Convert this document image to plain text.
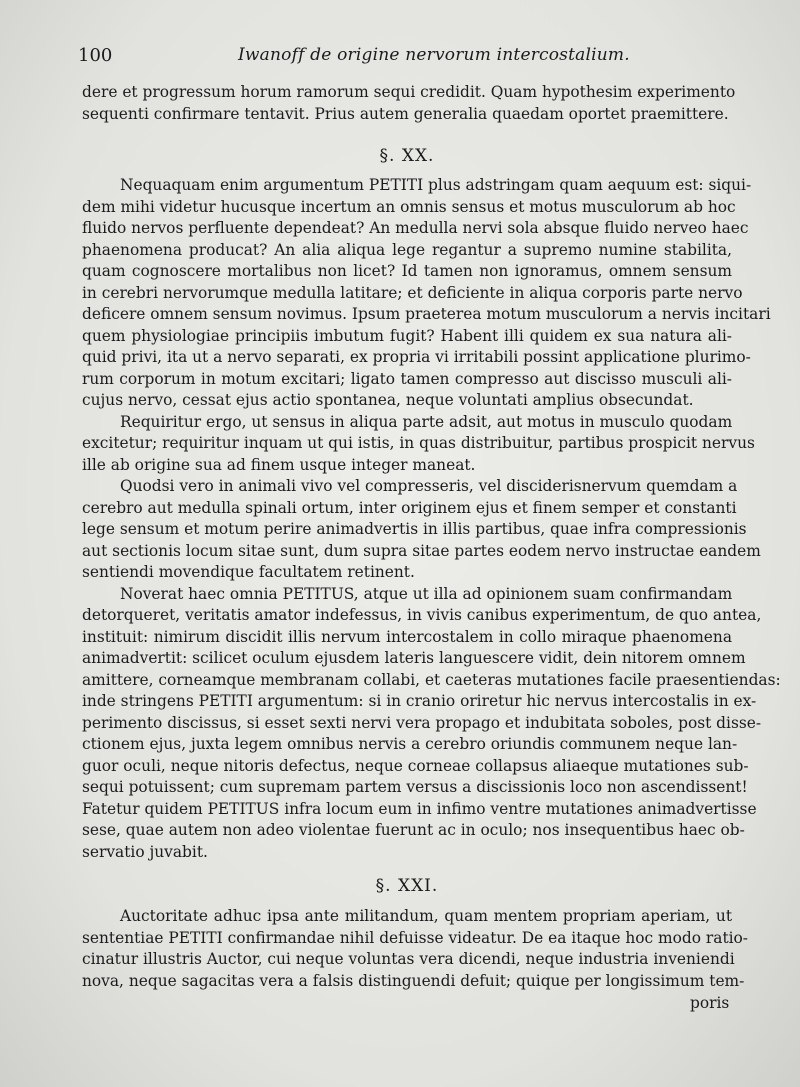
100	Iwanoff de origine nervorum intercostalium.
dere et progressum horum ramorum sequi credidit. Quam hypothesim experimento
sequenti confirmare tentavit. Prius autem generalia quaedam oportet praemittere.
§. XX.
Nequaquam enim argumentum PETITI plus adstringam quam aequum est: siqui-
dem mihi videtur hucusque incertum an omnis sensus et motus musculorum ab hoc
fluido nervos perfluente dependeat? An medulla nervi sola absque fluido nerveo haec
phaenomena producat? An alia aliqua lege regantur a supremo numine stabilita,
quam cognoscere mortalibus non licet? Id tamen non ignoramus, omnem sensum
in cerebri nervorumque medulla latitare; et deficiente in aliqua corporis parte nervo
deficere omnem sensum novimus. Ipsum praeterea motum musculorum a nervis incitari
quem physiologiae principiis imbutum fugit? Habent illi quidem ex sua natura ali-
quid privi, ita ut a nervo separati, ex propria vi irritabili possint applicatione plurimo-
rum corporum in motum excitari; ligato tamen compresso aut discisso musculi ali-
cujus nervo, cessat ejus actio spontanea, neque voluntati amplius obsecundat.
Requiritur ergo, ut sensus in aliqua parte adsit, aut motus in musculo quodam
excitetur; requiritur inquam ut qui istis, in quas distribuitur, partibus prospicit nervus
ille ab origine sua ad finem usque integer maneat.
Quodsi vero in animali vivo vel compresseris, vel disciderisnervum quemdam a
cerebro aut medulla spinali ortum, inter originem ejus et finem semper et constanti
lege sensum et motum perire animadvertis in illis partibus, quae infra compressionis
aut sectionis locum sitae sunt, dum supra sitae partes eodem nervo instructae eandem
sentiendi movendique facultatem retinent.
Noverat haec omnia PETITUS, atque ut illa ad opinionem suam confirmandam
detorqueret, veritatis amator indefessus, in vivis canibus experimentum, de quo antea,
instituit: nimirum discidit illis nervum intercostalem in collo miraque phaenomena
animadvertit: scilicet oculum ejusdem lateris languescere vidit, dein nitorem omnem
amittere, corneamque membranam collabi, et caeteras mutationes facile praesentiendas:
inde stringens PETITI argumentum: si in cranio oriretur hic nervus intercostalis in ex-
perimento discissus, si esset sexti nervi vera propago et indubitata soboles, post disse-
ctionem ejus, juxta legem omnibus nervis a cerebro oriundis communem neque lan-
guor oculi, neque nitoris defectus, neque corneae collapsus aliaeque mutationes sub-
sequi potuissent; cum supremam partem versus a discissionis loco non ascendissent!
Fatetur quidem PETITUS infra locum eum in infimo ventre mutationes animadvertisse
sese, quae autem non adeo violentae fuerunt ac in oculo; nos insequentibus haec ob-
servatio juvabit.
§. XXI.
Auctoritate adhuc ipsa ante militandum, quam mentem propriam aperiam, ut
sententiae PETITI confirmandae nihil defuisse videatur. De ea itaque hoc modo ratio-
cinatur illustris Auctor, cui neque voluntas vera dicendi, neque industria inveniendi
nova, neque sagacitas vera a falsis distinguendi defuit; quique per longissimum tem-
poris
